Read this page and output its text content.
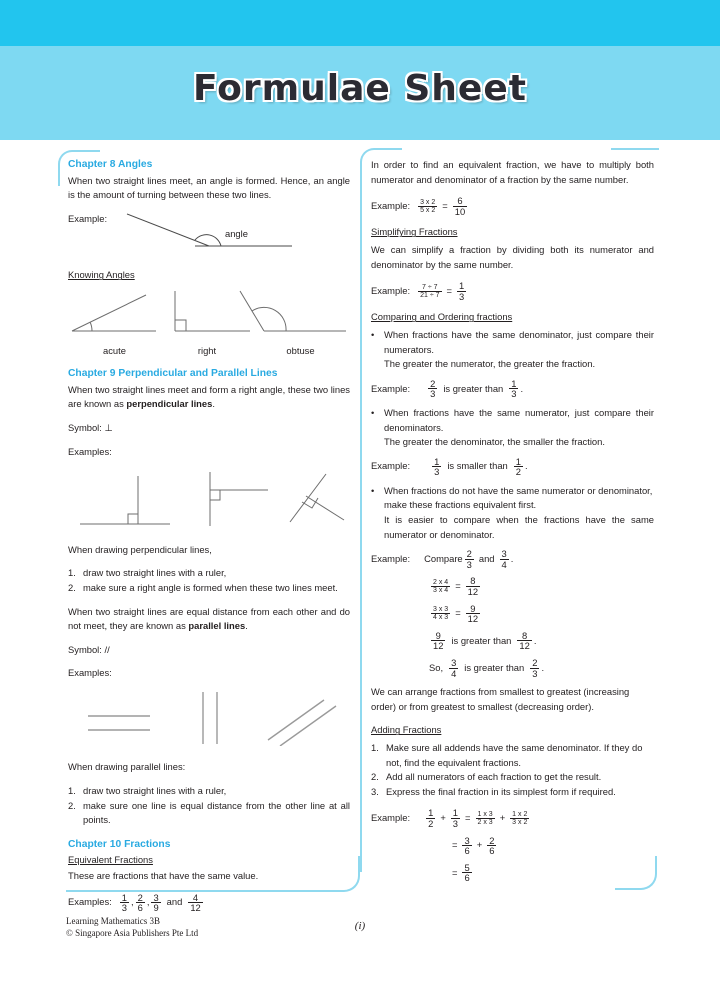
Formulae Sheet
Chapter 8 Angles

When two straight lines meet, an angle is formed. Hence, an angle is the amount of turning between these two lines.

Example:
angle
Knowing Angles
acute	right	obtuse
Chapter 9 Perpendicular and Parallel Lines

When two straight lines meet and form a right angle, these two lines are known as perpendicular lines.

Symbol: ⊥

Examples:

When drawing perpendicular lines,

1. draw two straight lines with a ruler,
2. make sure a right angle is formed when these two lines meet.

When two straight lines are equal distance from each other and do not meet, they are known as parallel lines.

Symbol: //

Examples:

When drawing parallel lines:

1. draw two straight lines with a ruler,
2. make sure one line is equal distance from the other line at all points.
Chapter 10 Fractions
Equivalent Fractions

These are fractions that have the same value.

Examples: $\frac{1}{3}$ , $\frac{2}{6}$ , $\frac{3}{9}$ and $\frac{4}{12}$

In order to find an equivalent fraction, we have to multiply both numerator and denominator of a fraction by the same number.

Example: $\frac{3 x 2}{5 x 2} = \frac{6}{10}$
Simplifying Fractions

We can simplify a fraction by dividing both its numerator and denominator by the same number.

Example: $\frac{7 \div 7}{21 \div 7} = \frac{1}{3}$
Comparing and Ordering fractions
•	When fractions have the same denominator, just compare their numerators.
The greater the numerator, the greater the fraction.
Example: $\frac{2}{3}$ is greater than $\frac{1}{3}$ .
•	When fractions have the same numerator, just compare their denominators.
The greater the denominator, the smaller the fraction.
Example: $\frac{1}{3}$ is smaller than $\frac{1}{2}$ .
•	When fractions do not have the same numerator or denominator, make these fractions equivalent first.
It is easier to compare when the fractions have the same numerator or denominator.
Example: Compare $\frac{2}{3}$ and $\frac{3}{4}$ .
$\frac{2 x 4}{3 x 4} = \frac{8}{12}$
$\frac{3 x 3}{4 x 3} = \frac{9}{12}$
$\frac{9}{12}$ is greater than $\frac{8}{12}$ .
So, $\frac{3}{4}$ is greater than $\frac{2}{3}$ .

We can arrange fractions from smallest to greatest (increasing order) or from greatest to smallest (decreasing order).

Adding Fractions
1. Make sure all addends have the same denominator. If they do not, find the equivalent fractions.
2. Add all numerators of each fraction to get the result.
3. Express the final fraction in its simplest form if required.
Example: $\frac{1}{2} + \frac{1}{3} = \frac{1 x 3}{2 x 3} + \frac{1 x 2}{3 x 2}$
= $\frac{3}{6} + \frac{2}{6}$
= $\frac{5}{6}$
Learning Mathematics 3B
© Singapore Asia Publishers Pte Ltd
(i)
